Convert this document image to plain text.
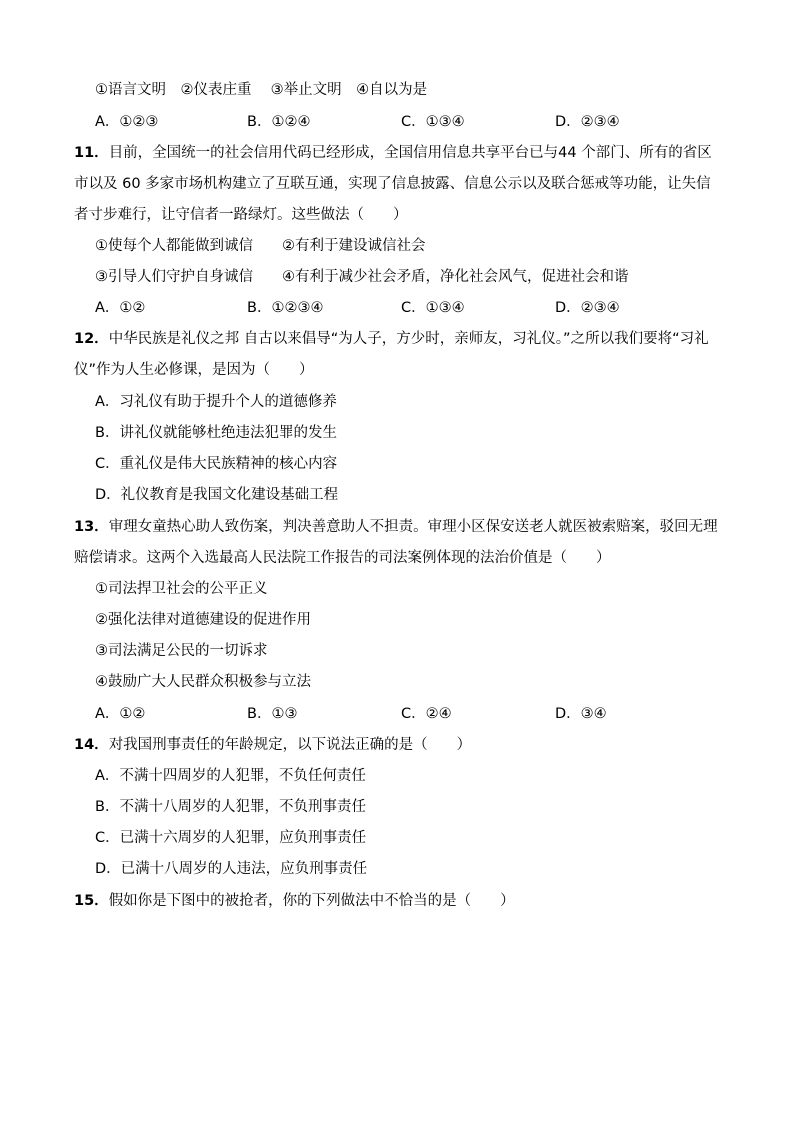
①语言文明　②仪表庄重　 ③举止文明　④自以为是
A．①②③	B．①②④	C．①③④	D．②③④
11．目前，全国统一的社会信用代码已经形成，全国信用信息共享平台已与44 个部门、所有的省区
市以及 60 多家市场机构建立了互联互通，实现了信息披露、信息公示以及联合惩戒等功能，让失信
者寸步难行，让守信者一路绿灯。这些做法（　　）
①使每个人都能做到诚信　　②有利于建设诚信社会
③引导人们守护自身诚信　　④有利于减少社会矛盾，净化社会风气，促进社会和谐
A．①②	B．①②③④	C．①③④	D．②③④
12．中华民族是礼仪之邦 自古以来倡导“为人子，方少时，亲师友，习礼仪。”之所以我们要将“习礼
仪”作为人生必修课，是因为（　　）
A．习礼仪有助于提升个人的道德修养
B．讲礼仪就能够杜绝违法犯罪的发生
C．重礼仪是伟大民族精神的核心内容
D．礼仪教育是我国文化建设基础工程
13．审理女童热心助人致伤案，判决善意助人不担责。审理小区保安送老人就医被索赔案，驳回无理
赔偿请求。这两个入选最高人民法院工作报告的司法案例体现的法治价值是（　　）
①司法捍卫社会的公平正义
②强化法律对道德建设的促进作用
③司法满足公民的一切诉求
④鼓励广大人民群众积极参与立法
A．①②	B．①③	C．②④	D．③④
14．对我国刑事责任的年龄规定，以下说法正确的是（　　）
A．不满十四周岁的人犯罪，不负任何责任
B．不满十八周岁的人犯罪，不负刑事责任
C．已满十六周岁的人犯罪，应负刑事责任
D．已满十八周岁的人违法，应负刑事责任
15．假如你是下图中的被抢者，你的下列做法中不恰当的是（　　）
